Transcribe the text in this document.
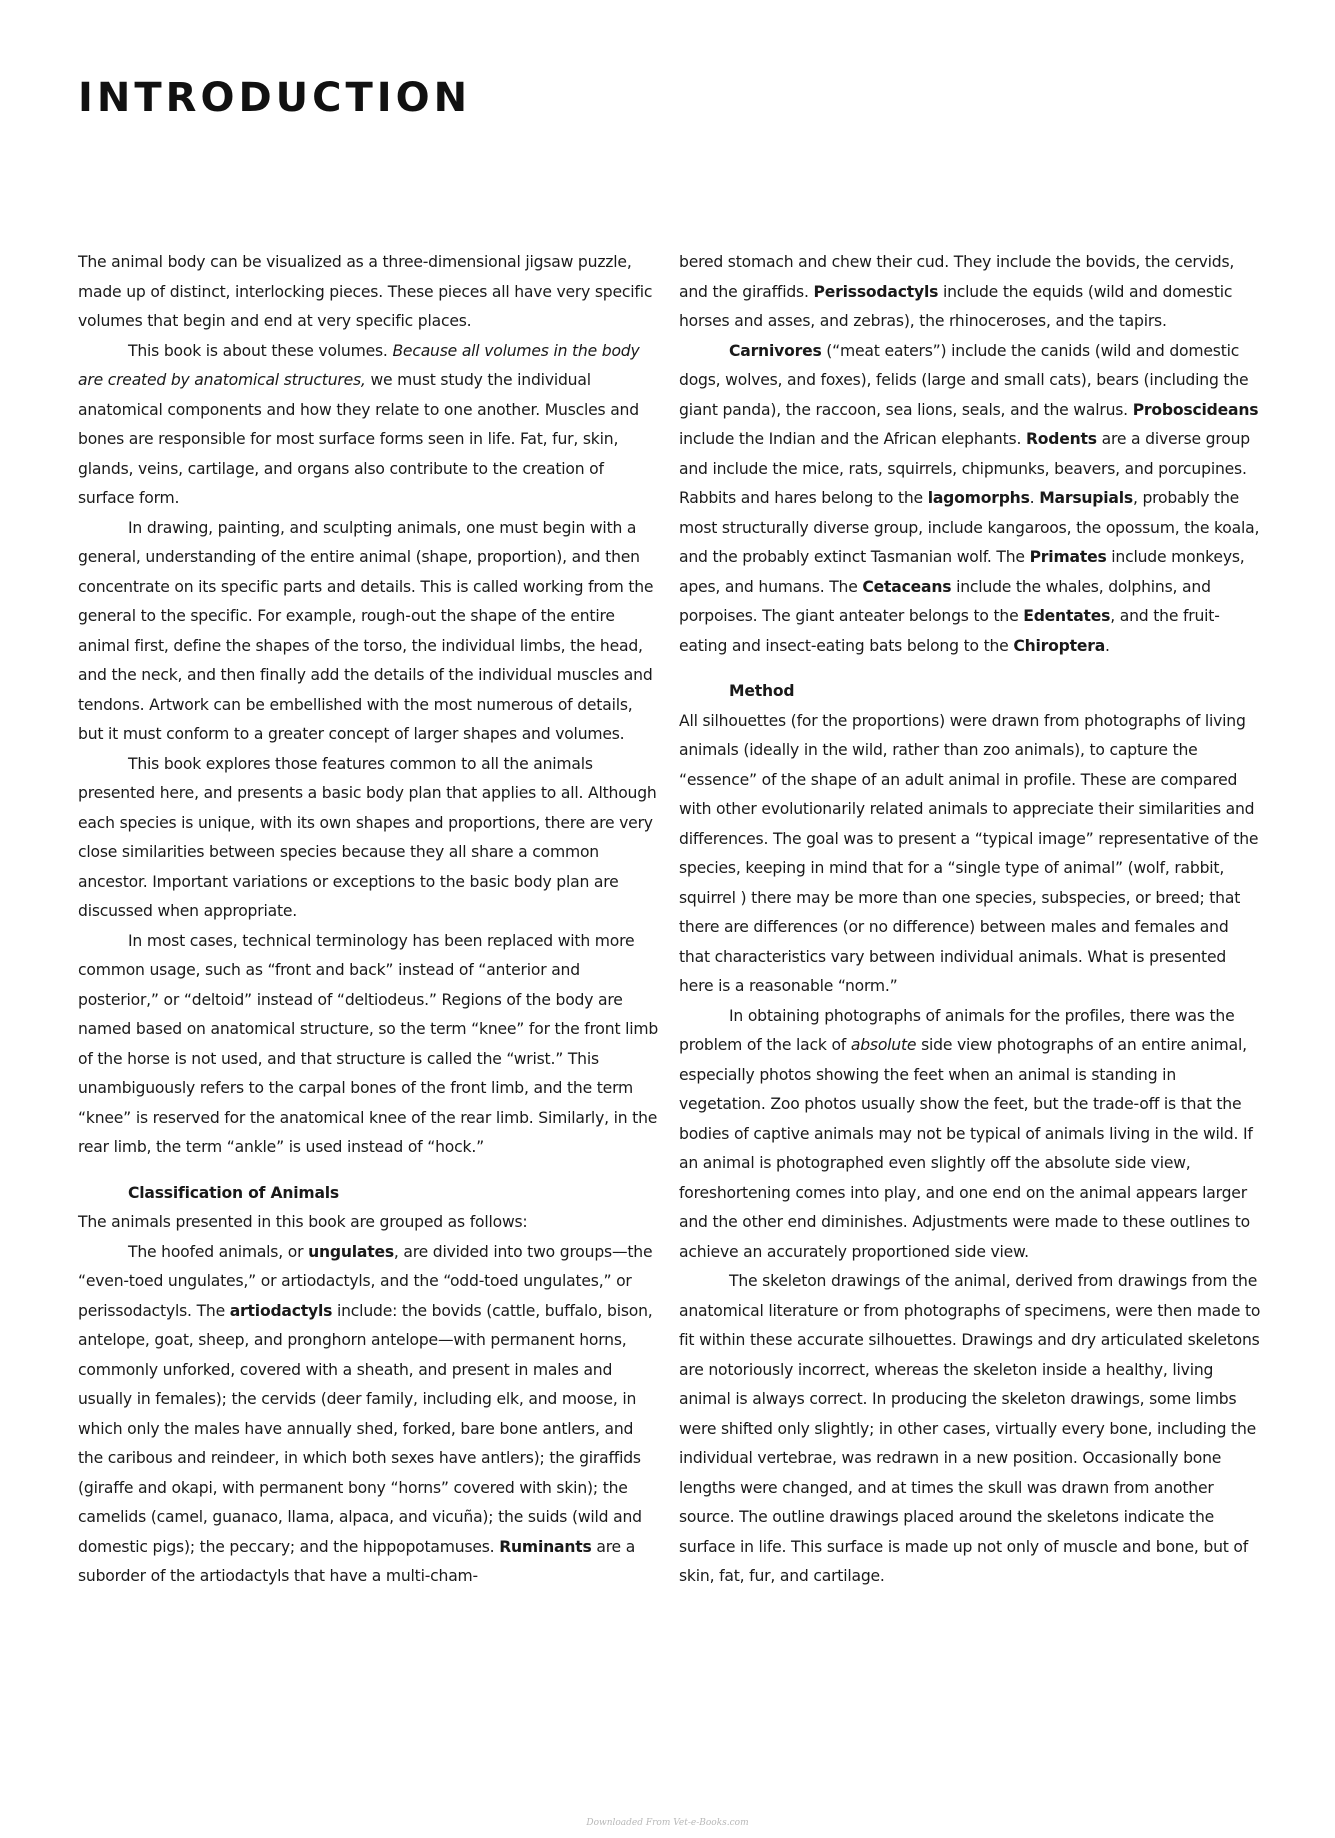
INTRODUCTION

The animal body can be visualized as a three-dimensional jigsaw puzzle, made up of distinct, interlocking pieces. These pieces all have very specific volumes that begin and end at very specific places.

This book is about these volumes. Because all volumes in the body are created by anatomical structures, we must study the individual anatomical components and how they relate to one another. Muscles and bones are responsible for most surface forms seen in life. Fat, fur, skin, glands, veins, cartilage, and organs also contribute to the creation of surface form.

In drawing, painting, and sculpting animals, one must begin with a general, understanding of the entire animal (shape, proportion), and then concentrate on its specific parts and details. This is called working from the general to the specific. For example, rough-out the shape of the entire animal first, define the shapes of the torso, the individual limbs, the head, and the neck, and then finally add the details of the individual muscles and tendons. Artwork can be embellished with the most numerous of details, but it must conform to a greater concept of larger shapes and volumes.

This book explores those features common to all the animals presented here, and presents a basic body plan that applies to all. Although each species is unique, with its own shapes and proportions, there are very close similarities between species because they all share a common ancestor. Important variations or exceptions to the basic body plan are discussed when appropriate.

In most cases, technical terminology has been replaced with more common usage, such as “front and back” instead of “anterior and posterior,” or “deltoid” instead of “deltiodeus.” Regions of the body are named based on anatomical structure, so the term “knee” for the front limb of the horse is not used, and that structure is called the “wrist.” This unambiguously refers to the carpal bones of the front limb, and the term “knee” is reserved for the anatomical knee of the rear limb. Similarly, in the rear limb, the term “ankle” is used instead of “hock.”

Classification of Animals

The animals presented in this book are grouped as follows:

The hoofed animals, or ungulates, are divided into two groups—the “even-toed ungulates,” or artiodactyls, and the “odd-toed ungulates,” or perissodactyls. The artiodactyls include: the bovids (cattle, buffalo, bison, antelope, goat, sheep, and pronghorn antelope—with permanent horns, commonly unforked, covered with a sheath, and present in males and usually in females); the cervids (deer family, including elk, and moose, in which only the males have annually shed, forked, bare bone antlers, and the caribous and reindeer, in which both sexes have antlers); the giraffids (giraffe and okapi, with permanent bony “horns” covered with skin); the camelids (camel, guanaco, llama, alpaca, and vicuña); the suids (wild and domestic pigs); the peccary; and the hippopotamuses. Ruminants are a suborder of the artiodactyls that have a multi-cham-

bered stomach and chew their cud. They include the bovids, the cervids, and the giraffids. Perissodactyls include the equids (wild and domestic horses and asses, and zebras), the rhinoceroses, and the tapirs.

Carnivores (“meat eaters”) include the canids (wild and domestic dogs, wolves, and foxes), felids (large and small cats), bears (including the giant panda), the raccoon, sea lions, seals, and the walrus. Proboscideans include the Indian and the African elephants. Rodents are a diverse group and include the mice, rats, squirrels, chipmunks, beavers, and porcupines. Rabbits and hares belong to the lagomorphs. Marsupials, probably the most structurally diverse group, include kangaroos, the opossum, the koala, and the probably extinct Tasmanian wolf. The Primates include monkeys, apes, and humans. The Cetaceans include the whales, dolphins, and porpoises. The giant anteater belongs to the Edentates, and the fruit-eating and insect-eating bats belong to the Chiroptera.

Method

All silhouettes (for the proportions) were drawn from photographs of living animals (ideally in the wild, rather than zoo animals), to capture the “essence” of the shape of an adult animal in profile. These are compared with other evolutionarily related animals to appreciate their similarities and differences. The goal was to present a “typical image” representative of the species, keeping in mind that for a “single type of animal” (wolf, rabbit, squirrel ) there may be more than one species, subspecies, or breed; that there are differences (or no difference) between males and females and that characteristics vary between individual animals. What is presented here is a reasonable “norm.”

In obtaining photographs of animals for the profiles, there was the problem of the lack of absolute side view photographs of an entire animal, especially photos showing the feet when an animal is standing in vegetation. Zoo photos usually show the feet, but the trade-off is that the bodies of captive animals may not be typical of animals living in the wild. If an animal is photographed even slightly off the absolute side view, foreshortening comes into play, and one end on the animal appears larger and the other end diminishes. Adjustments were made to these outlines to achieve an accurately proportioned side view.

The skeleton drawings of the animal, derived from drawings from the anatomical literature or from photographs of specimens, were then made to fit within these accurate silhouettes. Drawings and dry articulated skeletons are notoriously incorrect, whereas the skeleton inside a healthy, living animal is always correct. In producing the skeleton drawings, some limbs were shifted only slightly; in other cases, virtually every bone, including the individual vertebrae, was redrawn in a new position. Occasionally bone lengths were changed, and at times the skull was drawn from another source. The outline drawings placed around the skeletons indicate the surface in life. This surface is made up not only of muscle and bone, but of skin, fat, fur, and cartilage.

Downloaded From Vet-e-Books.com
